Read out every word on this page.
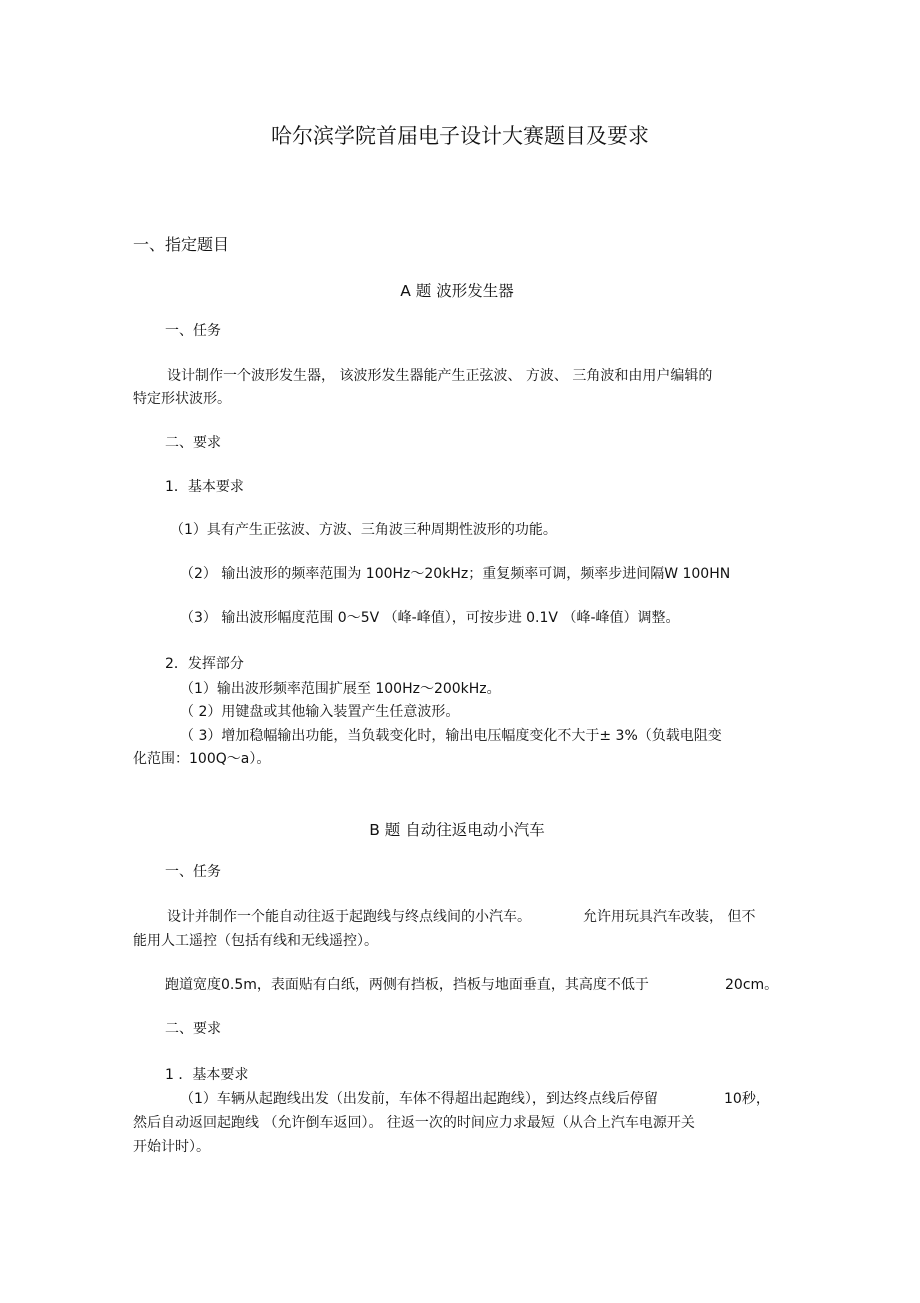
哈尔滨学院首届电子设计大赛题目及要求
一、指定题目
A 题 波形发生器
一、任务
设计制作一个波形发生器， 该波形发生器能产生正弦波、 方波、 三角波和由用户编辑的
特定形状波形。
二、要求
1．基本要求
（1）具有产生正弦波、方波、三角波三种周期性波形的功能。
（2） 输出波形的频率范围为 100Hz～20kHz；重复频率可调，频率步进间隔W 100HN
（3） 输出波形幅度范围 0～5V （峰-峰值），可按步进 0.1V （峰-峰值）调整。
2．发挥部分
（1）输出波形频率范围扩展至 100Hz～200kHz。
（ 2）用键盘或其他输入装置产生任意波形。
（ 3）增加稳幅输出功能，当负载变化时，输出电压幅度变化不大于± 3%（负载电阻变
化范围：100Q～a）。
B 题 自动往返电动小汽车
一、任务
设计并制作一个能自动往返于起跑线与终点线间的小汽车。	允许用玩具汽车改装， 但不
能用人工遥控（包括有线和无线遥控）。
跑道宽度0.5m，表面贴有白纸，两侧有挡板，挡板与地面垂直，其高度不低于	20cm。
二、要求
1 ．基本要求
（1）车辆从起跑线出发（出发前，车体不得超出起跑线），到达终点线后停留	10秒，
然后自动返回起跑线 （允许倒车返回）。 往返一次的时间应力求最短（从合上汽车电源开关
开始计时）。
